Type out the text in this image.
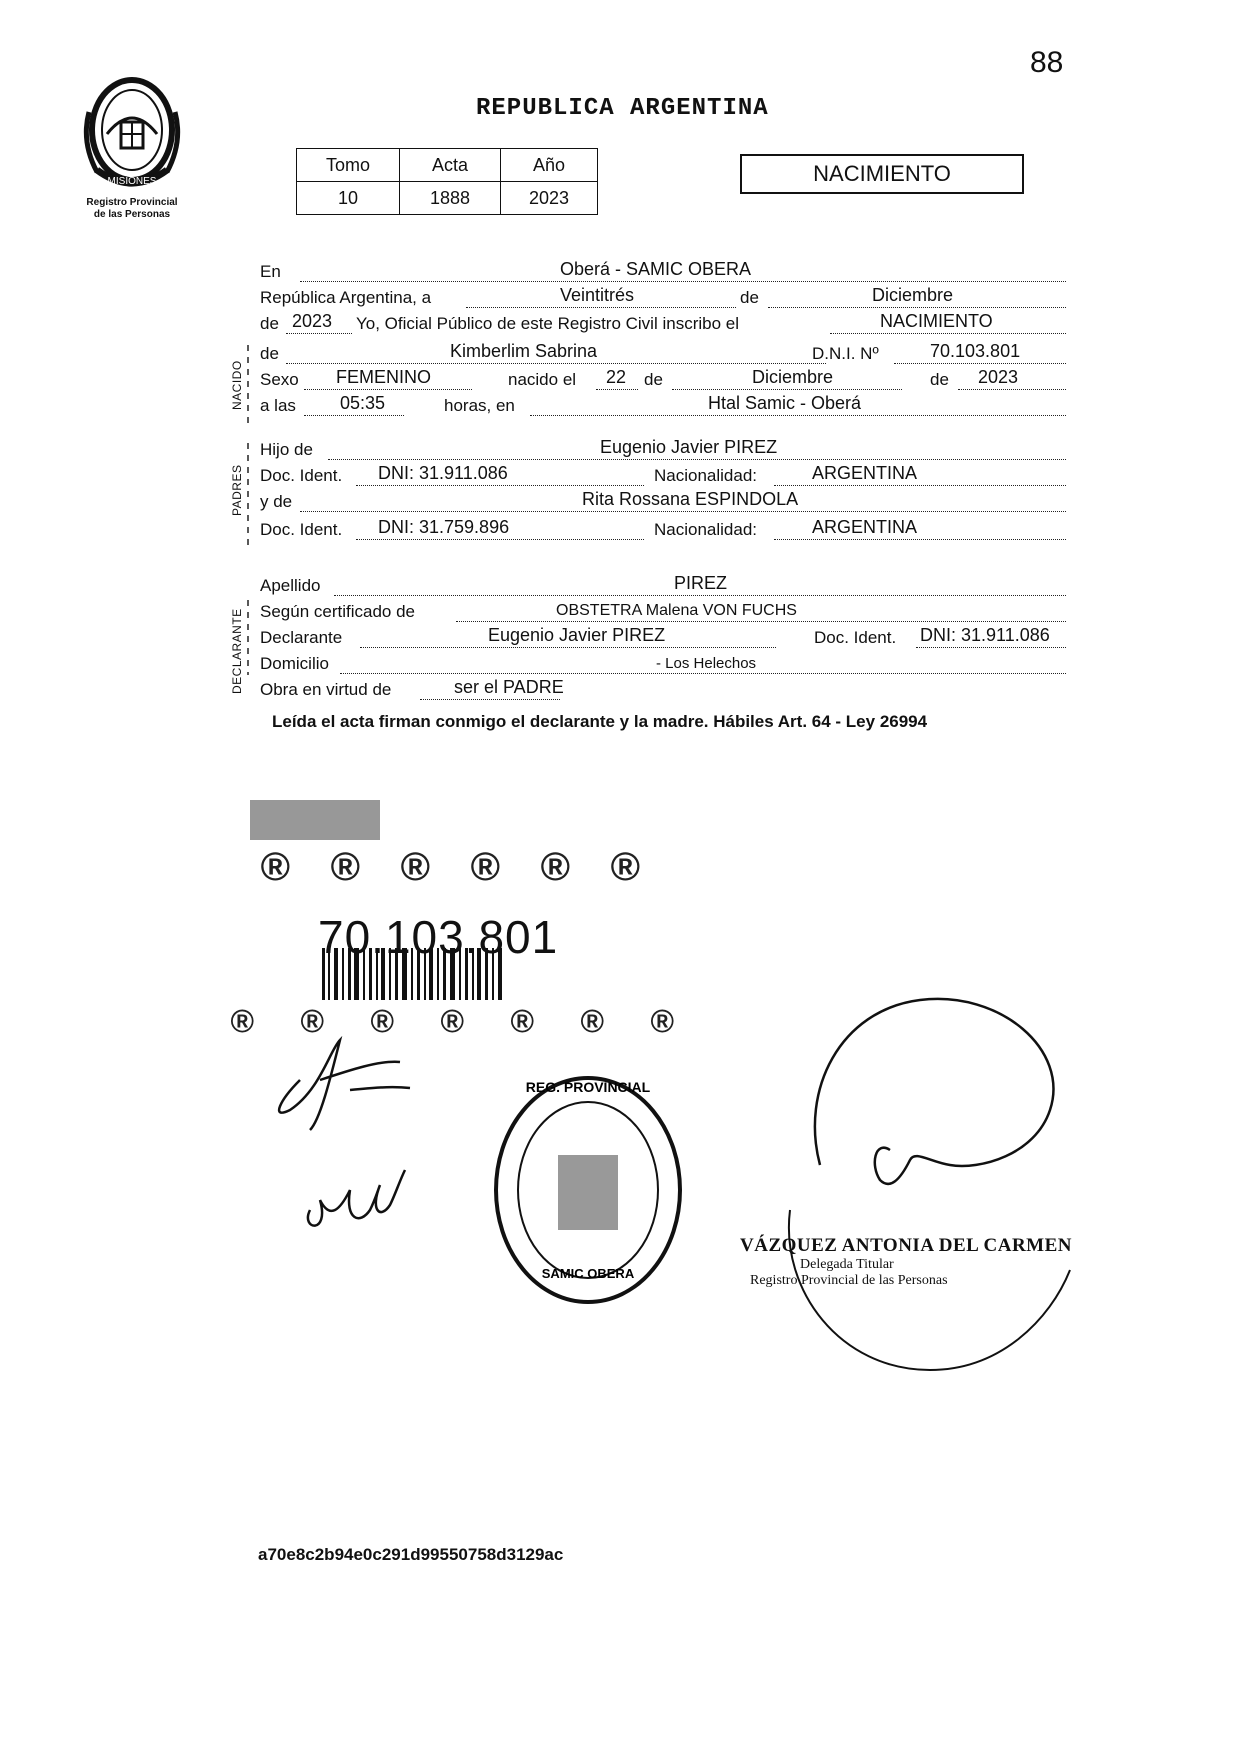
88
REPUBLICA ARGENTINA
MISIONES
Registro Provincial
de las Personas
Tomo	Acta	Año
10	1888	2023
NACIMIENTO
NACIDO
PADRES
DECLARANTE
En	Oberá - SAMIC OBERA
República Argentina, a	Veintitrés	de	Diciembre
de 2023 Yo, Oficial Público de este Registro Civil inscribo el	NACIMIENTO
de	Kimberlim Sabrina	D.N.I. Nº	70.103.801
Sexo FEMENINO	nacido el 22 de	Diciembre	de 2023
a las 05:35	horas, en	Htal Samic - Oberá
Hijo de	Eugenio Javier PIREZ
Doc. Ident. DNI: 31.911.086	Nacionalidad:	ARGENTINA
y de	Rita Rossana ESPINDOLA
Doc. Ident. DNI: 31.759.896	Nacionalidad:	ARGENTINA
Apellido	PIREZ
Según certificado de	OBSTETRA Malena VON FUCHS
Declarante	Eugenio Javier PIREZ	Doc. Ident. DNI: 31.911.086
Domicilio	- Los Helechos
Obra en virtud de	ser el PADRE
Leída el acta firman conmigo el declarante y la madre. Hábiles Art. 64 - Ley 26994
® ® ® ® ® ®
® ® ® ® ® ® ®
70.103.801
REG. PROVINCIAL
SAMIC OBERA
VÁZQUEZ ANTONIA DEL CARMEN
Delegada Titular
Registro Provincial de las Personas
a70e8c2b94e0c291d99550758d3129ac
